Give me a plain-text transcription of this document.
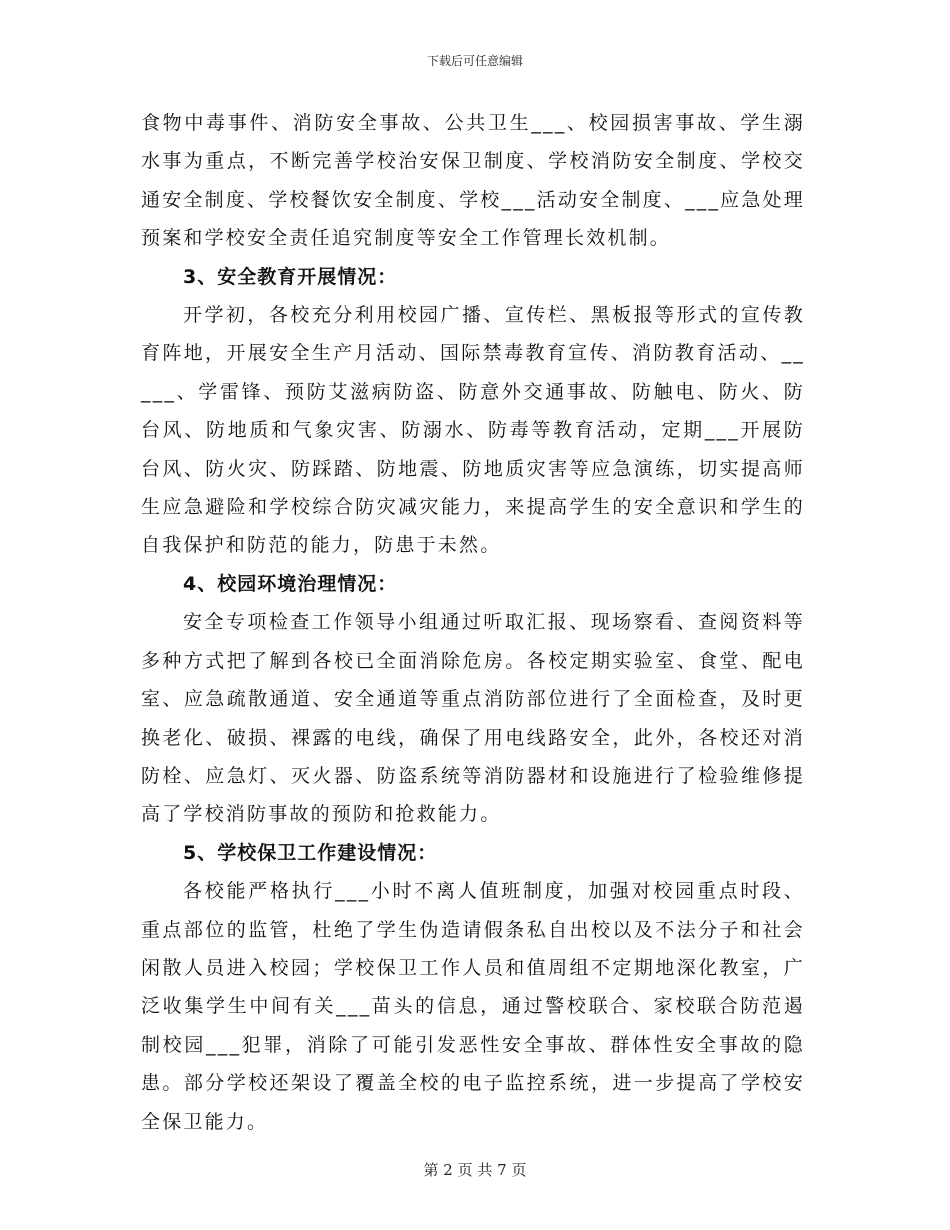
下载后可任意编辑

食物中毒事件、消防安全事故、公共卫生___、校园损害事故、学生溺水事为重点，不断完善学校治安保卫制度、学校消防安全制度、学校交通安全制度、学校餐饮安全制度、学校___活动安全制度、___应急处理预案和学校安全责任追究制度等安全工作管理长效机制。

3、安全教育开展情况：

开学初，各校充分利用校园广播、宣传栏、黑板报等形式的宣传教育阵地，开展安全生产月活动、国际禁毒教育宣传、消防教育活动、_____、学雷锋、预防艾滋病防盗、防意外交通事故、防触电、防火、防台风、防地质和气象灾害、防溺水、防毒等教育活动，定期___开展防台风、防火灾、防踩踏、防地震、防地质灾害等应急演练，切实提高师生应急避险和学校综合防灾减灾能力，来提高学生的安全意识和学生的自我保护和防范的能力，防患于未然。

4、校园环境治理情况：

安全专项检查工作领导小组通过听取汇报、现场察看、查阅资料等多种方式把了解到各校已全面消除危房。各校定期实验室、食堂、配电室、应急疏散通道、安全通道等重点消防部位进行了全面检查，及时更换老化、破损、裸露的电线，确保了用电线路安全，此外，各校还对消防栓、应急灯、灭火器、防盗系统等消防器材和设施进行了检验维修提高了学校消防事故的预防和抢救能力。

5、学校保卫工作建设情况：

各校能严格执行___小时不离人值班制度，加强对校园重点时段、重点部位的监管，杜绝了学生伪造请假条私自出校以及不法分子和社会闲散人员进入校园；学校保卫工作人员和值周组不定期地深化教室，广泛收集学生中间有关___苗头的信息，通过警校联合、家校联合防范遏制校园___犯罪，消除了可能引发恶性安全事故、群体性安全事故的隐患。部分学校还架设了覆盖全校的电子监控系统，进一步提高了学校安全保卫能力。

第 2 页 共 7 页
